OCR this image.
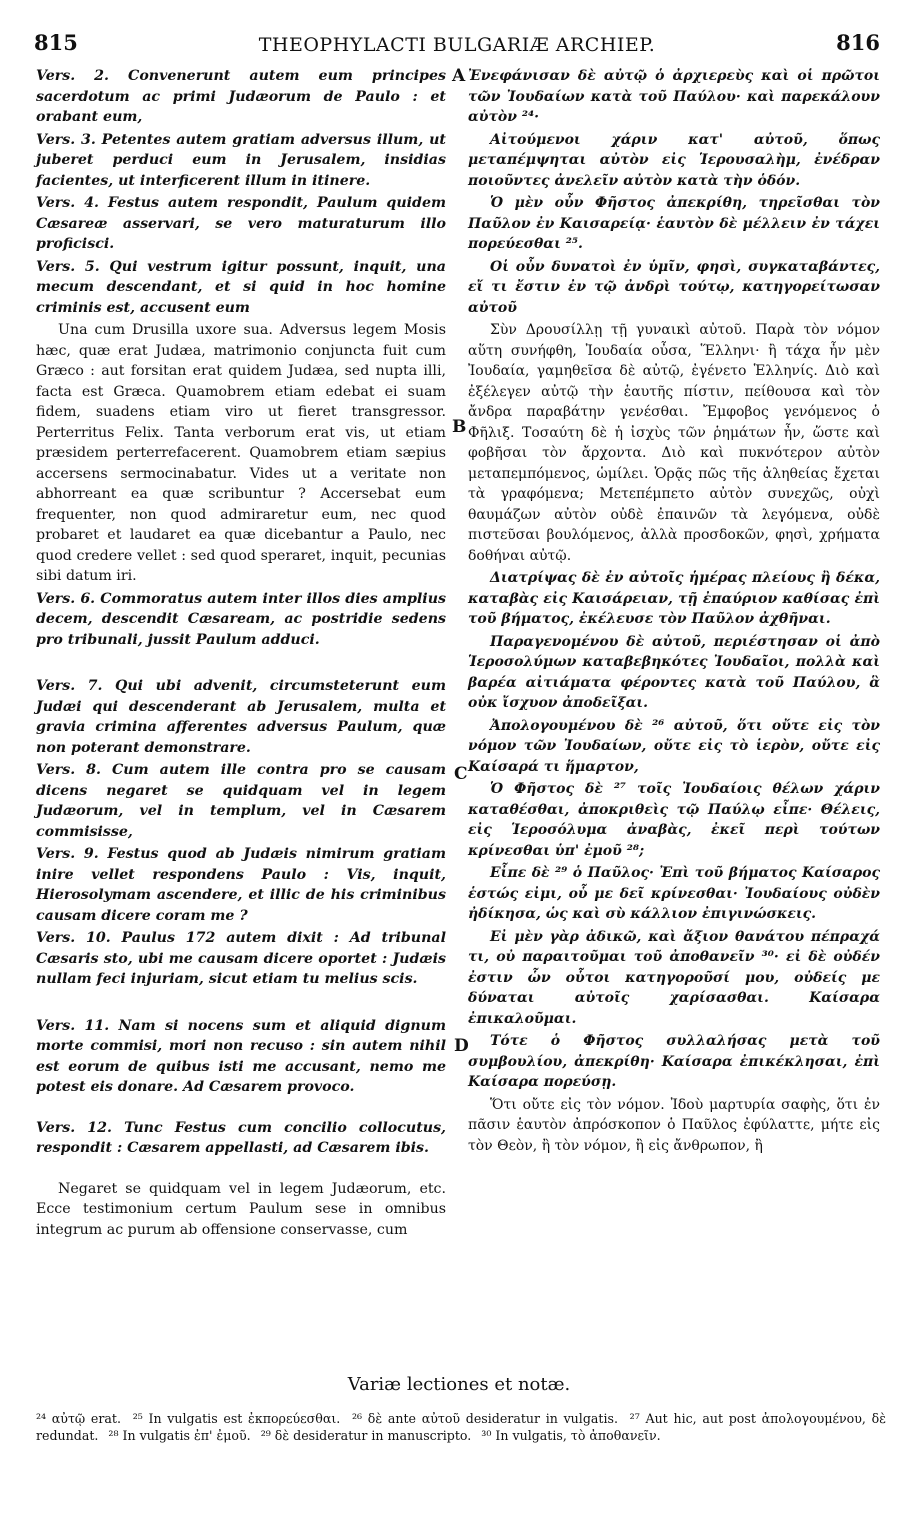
815	THEOPHYLACTI BULGARIÆ ARCHIEP.	816
A
B
C
D

Vers. 2. Convenerunt autem eum principes sacerdotum ac primi Judæorum de Paulo : et orabant eum,

Vers. 3. Petentes autem gratiam adversus illum, ut juberet perduci eum in Jerusalem, insidias facientes, ut interficerent illum in itinere.

Vers. 4. Festus autem respondit, Paulum quidem Cæsareæ asservari, se vero maturaturum illo proficisci.

Vers. 5. Qui vestrum igitur possunt, inquit, una mecum descendant, et si quid in hoc homine criminis est, accusent eum

Una cum Drusilla uxore sua. Adversus legem Mosis hæc, quæ erat Judæa, matrimonio conjuncta fuit cum Græco : aut forsitan erat quidem Judæa, sed nupta illi, facta est Græca. Quamobrem etiam edebat ei suam fidem, suadens etiam viro ut fieret transgressor. Perterritus Felix. Tanta verborum erat vis, ut etiam præsidem perterrefacerent. Quamobrem etiam sæpius accersens sermocinabatur. Vides ut a veritate non abhorreant ea quæ scribuntur ? Accersebat eum frequenter, non quod admiraretur eum, nec quod probaret et laudaret ea quæ dicebantur a Paulo, nec quod credere vellet : sed quod speraret, inquit, pecunias sibi datum iri.

Vers. 6. Commoratus autem inter illos dies amplius decem, descendit Cæsaream, ac postridie sedens pro tribunali, jussit Paulum adduci.

Vers. 7. Qui ubi advenit, circumsteterunt eum Judæi qui descenderant ab Jerusalem, multa et gravia crimina afferentes adversus Paulum, quæ non poterant demonstrare.

Vers. 8. Cum autem ille contra pro se causam dicens negaret se quidquam vel in legem Judæorum, vel in templum, vel in Cæsarem commisisse,

Vers. 9. Festus quod ab Judæis nimirum gratiam inire vellet respondens Paulo : Vis, inquit, Hierosolymam ascendere, et illic de his criminibus causam dicere coram me ?

Vers. 10. Paulus 172 autem dixit : Ad tribunal Cæsaris sto, ubi me causam dicere oportet : Judæis nullam feci injuriam, sicut etiam tu melius scis.

Vers. 11. Nam si nocens sum et aliquid dignum morte commisi, mori non recuso : sin autem nihil est eorum de quibus isti me accusant, nemo me potest eis donare. Ad Cæsarem provoco.

Vers. 12. Tunc Festus cum concilio collocutus, respondit : Cæsarem appellasti, ad Cæsarem ibis.

Negaret se quidquam vel in legem Judæorum, etc. Ecce testimonium certum Paulum sese in omnibus integrum ac purum ab offensione conservasse, cum

Ἐνεφάνισαν δὲ αὐτῷ ὁ ἀρχιερεὺς καὶ οἱ πρῶτοι τῶν Ἰουδαίων κατὰ τοῦ Παύλου· καὶ παρεκάλουν αὐτὸν ²⁴·

Αἰτούμενοι χάριν κατ' αὐτοῦ, ὅπως μεταπέμψηται αὐτὸν εἰς Ἱερουσαλὴμ, ἐνέδραν ποιοῦντες ἀνελεῖν αὐτὸν κατὰ τὴν ὁδόν.

Ὁ μὲν οὖν Φῆστος ἀπεκρίθη, τηρεῖσθαι τὸν Παῦλον ἐν Καισαρείᾳ· ἑαυτὸν δὲ μέλλειν ἐν τάχει πορεύεσθαι ²⁵.

Οἱ οὖν δυνατοὶ ἐν ὑμῖν, φησὶ, συγκαταβάντες, εἴ τι ἔστιν ἐν τῷ ἀνδρὶ τούτῳ, κατηγορείτωσαν αὐτοῦ

Σὺν Δρουσίλλῃ τῇ γυναικὶ αὐτοῦ. Παρὰ τὸν νόμον αὕτη συνήφθη, Ἰουδαία οὖσα, Ἕλληνι· ἢ τάχα ἦν μὲν Ἰουδαία, γαμηθεῖσα δὲ αὐτῷ, ἐγένετο Ἑλληνίς. Διὸ καὶ ἐξέλεγεν αὐτῷ τὴν ἑαυτῆς πίστιν, πείθουσα καὶ τὸν ἄνδρα παραβάτην γενέσθαι. Ἔμφοβος γενόμενος ὁ Φῆλιξ. Τοσαύτη δὲ ἡ ἰσχὺς τῶν ῥημάτων ἦν, ὥστε καὶ φοβῆσαι τὸν ἄρχοντα. Διὸ καὶ πυκνότερον αὐτὸν μεταπεμπόμενος, ὡμίλει. Ὁρᾷς πῶς τῆς ἀληθείας ἔχεται τὰ γραφόμενα; Μετεπέμπετο αὐτὸν συνεχῶς, οὐχὶ θαυμάζων αὐτὸν οὐδὲ ἐπαινῶν τὰ λεγόμενα, οὐδὲ πιστεῦσαι βουλόμενος, ἀλλὰ προσδοκῶν, φησὶ, χρήματα δοθήναι αὐτῷ.

Διατρίψας δὲ ἐν αὐτοῖς ἡμέρας πλείους ἢ δέκα, καταβὰς εἰς Καισάρειαν, τῇ ἐπαύριον καθίσας ἐπὶ τοῦ βήματος, ἐκέλευσε τὸν Παῦλον ἀχθῆναι.

Παραγενομένου δὲ αὐτοῦ, περιέστησαν οἱ ἀπὸ Ἱεροσολύμων καταβεβηκότες Ἰουδαῖοι, πολλὰ καὶ βαρέα αἰτιάματα φέροντες κατὰ τοῦ Παύλου, ἃ οὐκ ἴσχυον ἀποδεῖξαι.

Ἀπολογουμένου δὲ ²⁶ αὐτοῦ, ὅτι οὔτε εἰς τὸν νόμον τῶν Ἰουδαίων, οὔτε εἰς τὸ ἱερὸν, οὔτε εἰς Καίσαρά τι ἥμαρτον,

Ὁ Φῆστος δὲ ²⁷ τοῖς Ἰουδαίοις θέλων χάριν καταθέσθαι, ἀποκριθεὶς τῷ Παύλῳ εἶπε· Θέλεις, εἰς Ἱεροσόλυμα ἀναβὰς, ἐκεῖ περὶ τούτων κρίνεσθαι ὑπ' ἐμοῦ ²⁸;

Εἶπε δὲ ²⁹ ὁ Παῦλος· Ἐπὶ τοῦ βήματος Καίσαρος ἑστώς εἰμι, οὗ με δεῖ κρίνεσθαι· Ἰουδαίους οὐδὲν ἠδίκησα, ὡς καὶ σὺ κάλλιον ἐπιγινώσκεις.

Εἰ μὲν γὰρ ἀδικῶ, καὶ ἄξιον θανάτου πέπραχά τι, οὐ παραιτοῦμαι τοῦ ἀποθανεῖν ³⁰· εἰ δὲ οὐδέν ἐστιν ὧν οὗτοι κατηγοροῦσί μου, οὐδείς με δύναται αὐτοῖς χαρίσασθαι. Καίσαρα ἐπικαλοῦμαι.

Τότε ὁ Φῆστος συλλαλήσας μετὰ τοῦ συμβουλίου, ἀπεκρίθη· Καίσαρα ἐπικέκλησαι, ἐπὶ Καίσαρα πορεύσῃ.

Ὅτι οὔτε εἰς τὸν νόμον. Ἰδοὺ μαρτυρία σαφὴς, ὅτι ἐν πᾶσιν ἑαυτὸν ἀπρόσκοπον ὁ Παῦλος ἐφύλαττε, μήτε εἰς τὸν Θεὸν, ἢ τὸν νόμον, ἢ εἰς ἄνθρωπον, ἢ

Variæ lectiones et notæ.
²⁴ αὐτῷ erat. ²⁵ In vulgatis est ἐκπορεύεσθαι. ²⁶ δὲ ante αὐτοῦ desideratur in vulgatis. ²⁷ Aut hic, aut post ἀπολογουμένου, δὲ redundat. ²⁸ In vulgatis ἐπ' ἐμοῦ. ²⁹ δὲ desideratur in manuscripto. ³⁰ In vulgatis, τὸ ἀποθανεῖν.
